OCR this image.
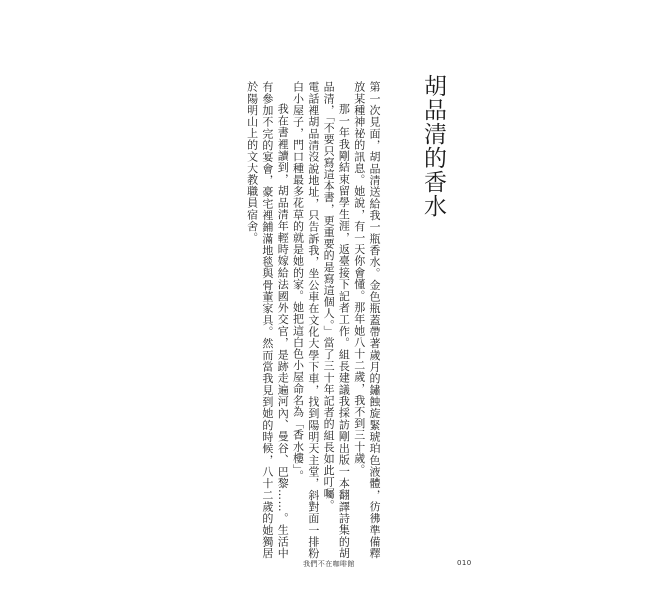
胡品清的香水

第一次見面，胡品清送給我一瓶香水。金色瓶蓋帶著歲月的鏽蝕旋緊琥珀色液體，彷彿準備釋放某種神祕的訊息。她說，有一天你會懂。那年她八十二歲，我不到三十歲。

那一年我剛結束留學生涯，返臺接下記者工作。組長建議我採訪剛出版一本翻譯詩集的胡品清，「不要只寫這本書，更重要的是寫這個人。」當了三十年記者的組長如此叮囑。

電話裡胡品清沒說地址，只告訴我，坐公車在文化大學下車，找到陽明天主堂，斜對面一排粉白小屋子，門口種最多花草的就是她的家。她把這白色小屋命名為「香水樓」。

我在書裡讀到，胡品清年輕時嫁給法國外交官，是跡走遍河內、曼谷、巴黎……。生活中有參加不完的宴會，豪宅裡鋪滿地毯與骨董家具。然而當我見到她的時候，八十二歲的她獨居於陽明山上的文大教職員宿舍。

我們不在咖啡館	010
